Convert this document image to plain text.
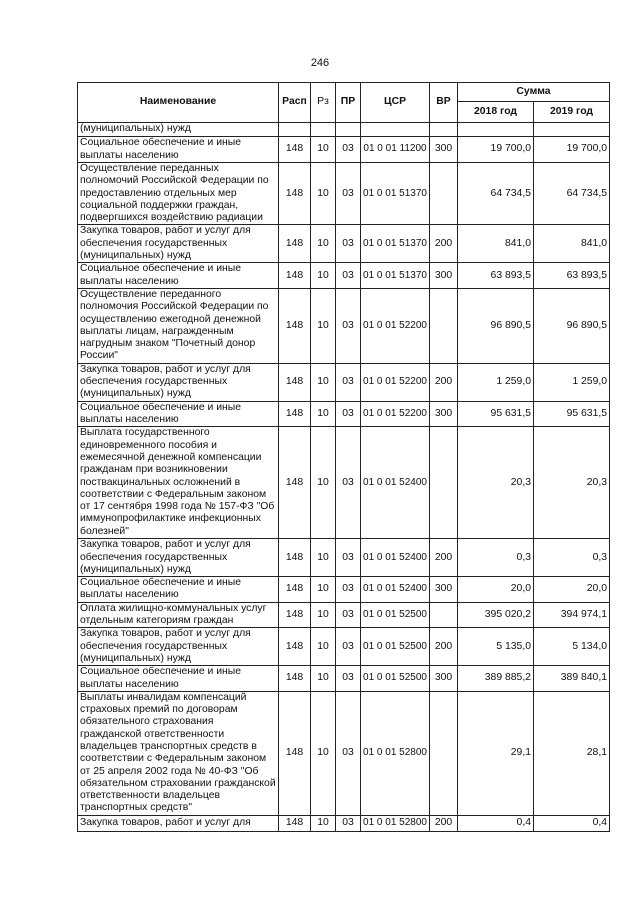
246
Наименование	Расп	Рз	ПР	ЦСР	ВР	Сумма	
						2018 год	2019 год
(муниципальных) нужд							
Социальное обеспечение и иные выплаты населению	148	10	03	01 0 01 11200	300	19 700,0	19 700,0
Осуществление переданных полномочий Российской Федерации по предоставлению отдельных мер социальной поддержки граждан, подвергшихся воздействию радиации	148	10	03	01 0 01 51370		64 734,5	64 734,5
Закупка товаров, работ и услуг для обеспечения государственных (муниципальных) нужд	148	10	03	01 0 01 51370	200	841,0	841,0
Социальное обеспечение и иные выплаты населению	148	10	03	01 0 01 51370	300	63 893,5	63 893,5
Осуществление переданного полномочия Российской Федерации по осуществлению ежегодной денежной выплаты лицам, награжденным нагрудным знаком "Почетный донор России"	148	10	03	01 0 01 52200		96 890,5	96 890,5
Закупка товаров, работ и услуг для обеспечения государственных (муниципальных) нужд	148	10	03	01 0 01 52200	200	1 259,0	1 259,0
Социальное обеспечение и иные выплаты населению	148	10	03	01 0 01 52200	300	95 631,5	95 631,5
Выплата государственного единовременного пособия и ежемесячной денежной компенсации гражданам при возникновении поствакцинальных осложнений в соответствии с Федеральным законом от 17 сентября 1998 года № 157-ФЗ "Об иммунопрофилактике инфекционных болезней"	148	10	03	01 0 01 52400		20,3	20,3
Закупка товаров, работ и услуг для обеспечения государственных (муниципальных) нужд	148	10	03	01 0 01 52400	200	0,3	0,3
Социальное обеспечение и иные выплаты населению	148	10	03	01 0 01 52400	300	20,0	20,0
Оплата жилищно-коммунальных услуг отдельным категориям граждан	148	10	03	01 0 01 52500		395 020,2	394 974,1
Закупка товаров, работ и услуг для обеспечения государственных (муниципальных) нужд	148	10	03	01 0 01 52500	200	5 135,0	5 134,0
Социальное обеспечение и иные выплаты населению	148	10	03	01 0 01 52500	300	389 885,2	389 840,1
Выплаты инвалидам компенсаций страховых премий по договорам обязательного страхования гражданской ответственности владельцев транспортных средств в соответствии с Федеральным законом от 25 апреля 2002 года № 40-ФЗ "Об обязательном страховании гражданской ответственности владельцев транспортных средств"	148	10	03	01 0 01 52800		29,1	28,1
Закупка товаров, работ и услуг для	148	10	03	01 0 01 52800	200	0,4	0,4
